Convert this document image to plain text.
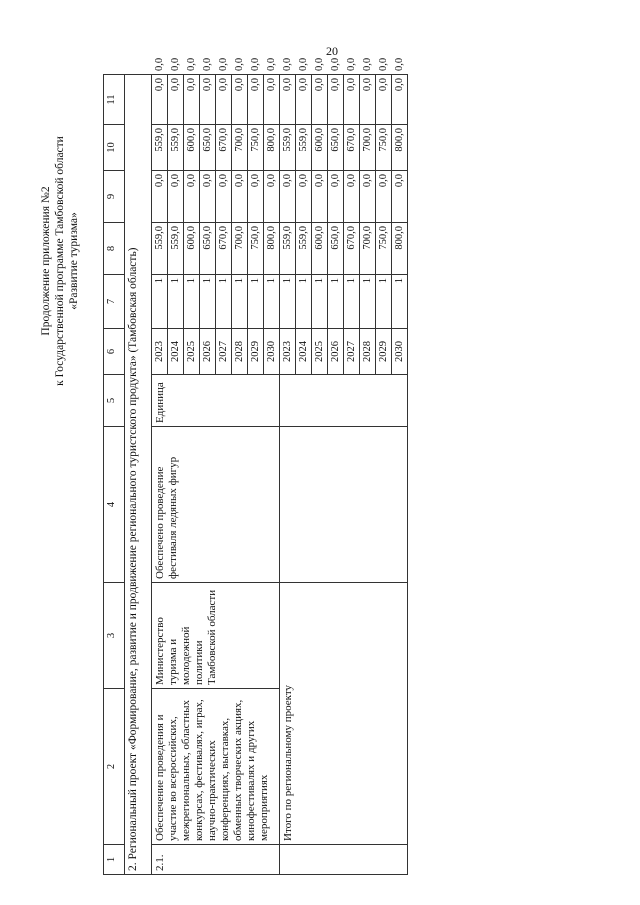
20
Продолжение приложения №2 к Государственной программе Тамбовской области «Развитие туризма»
1	2	3	4	5	6	7	8	9	10	11	
2. Региональный проект «Формирование, развитие и продвижение регионального туристского продукта» (Тамбовская область)											
2.1.	Обеспечение проведения и участие во всероссийских, межрегиональных, областных конкурсах, фестивалях, играх, научно-практических конференциях, выставках, обменных творческих акциях, кинофестивалях и других мероприятиях	Министерство туризма и молодежной политики Тамбовской области	Обеспечено проведение фестиваля ледяных фигур	Единица	2023	1	559,0	0,0	559,0	0,0	0,0
					2024	1	559,0	0,0	559,0	0,0	0,0
					2025	1	600,0	0,0	600,0	0,0	0,0
					2026	1	650,0	0,0	650,0	0,0	0,0
					2027	1	670,0	0,0	670,0	0,0	0,0
					2028	1	700,0	0,0	700,0	0,0	0,0
					2029	1	750,0	0,0	750,0	0,0	0,0
					2030	1	800,0	0,0	800,0	0,0	0,0
	Итого по региональному проекту				2023	1	559,0	0,0	559,0	0,0	0,0
					2024	1	559,0	0,0	559,0	0,0	0,0
					2025	1	600,0	0,0	600,0	0,0	0,0
					2026	1	650,0	0,0	650,0	0,0	0,0
					2027	1	670,0	0,0	670,0	0,0	0,0
					2028	1	700,0	0,0	700,0	0,0	0,0
					2029	1	750,0	0,0	750,0	0,0	0,0
					2030	1	800,0	0,0	800,0	0,0	0,0
